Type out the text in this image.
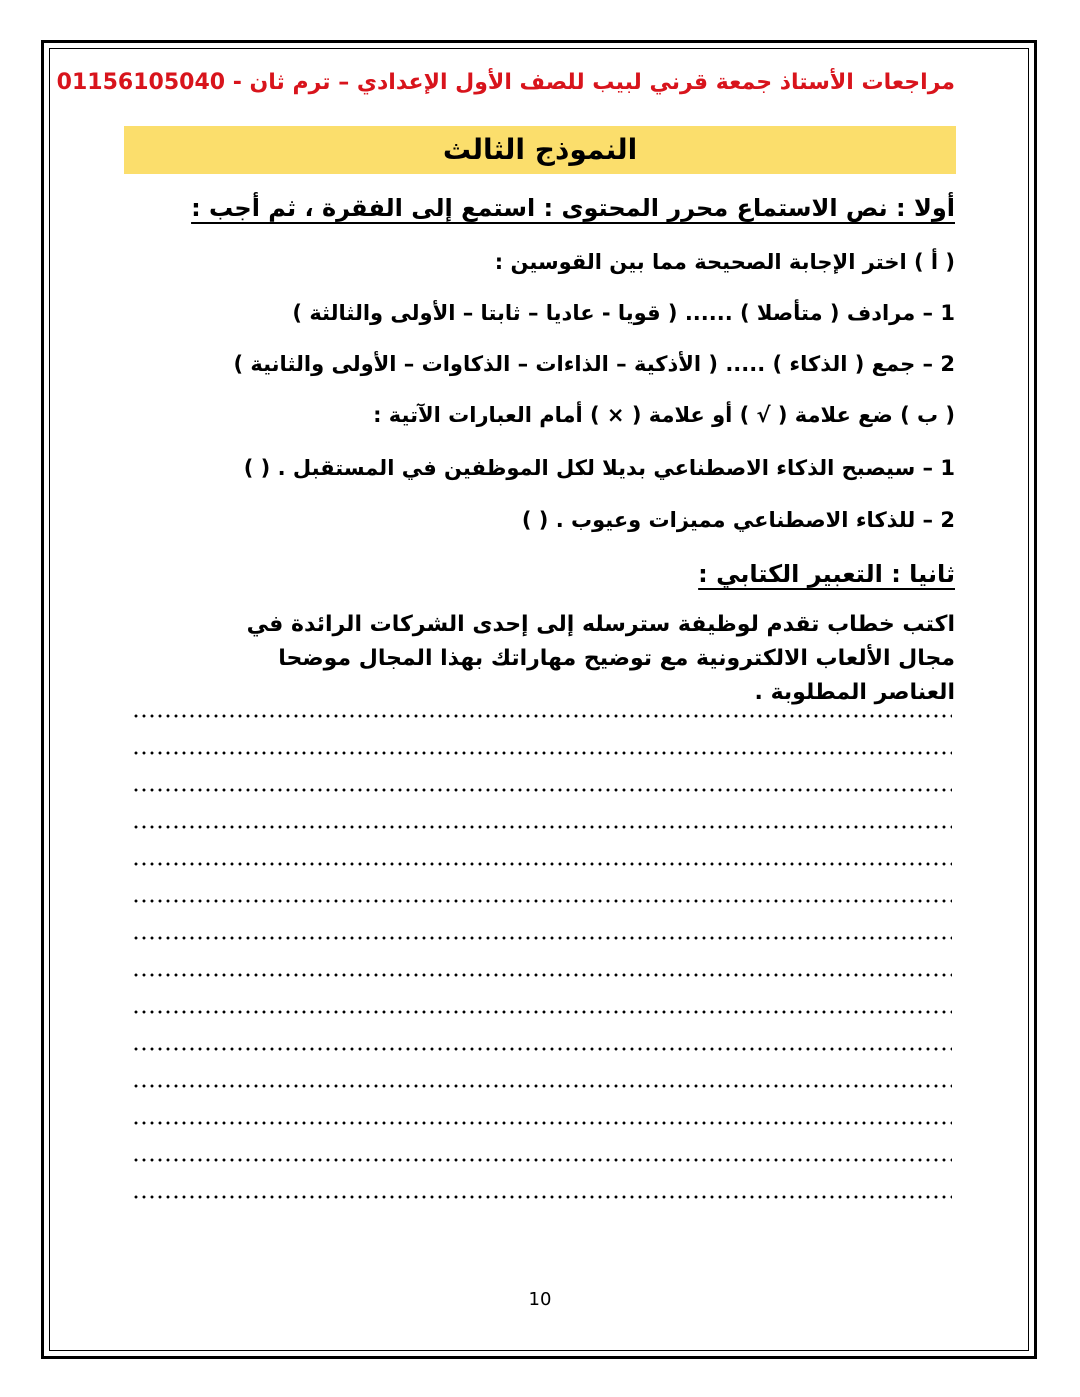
مراجعات الأستاذ جمعة قرني لبيب للصف الأول الإعدادي – ترم ثان - 01156105040
النموذج الثالث
أولا : نص الاستماع محرر المحتوى : استمع إلى الفقرة ، ثم أجب :
( أ ) اختر الإجابة الصحيحة مما بين القوسين :
1 – مرادف ( متأصلا ) ...... ( قويا - عاديا – ثابتا – الأولى والثالثة )
2 – جمع ( الذكاء ) ..... ( الأذكية – الذاءات – الذكاوات – الأولى والثانية )
( ب ) ضع علامة ( √ ) أو علامة ( × ) أمام العبارات الآتية :
1 – سيصبح الذكاء الاصطناعي بديلا لكل الموظفين في المستقبل . ( )
2 – للذكاء الاصطناعي مميزات وعيوب . ( )
ثانيا : التعبير الكتابي :
اكتب خطاب تقدم لوظيفة سترسله إلى إحدى الشركات الرائدة في مجال الألعاب الالكترونية مع توضيح مهاراتك بهذا المجال موضحا العناصر المطلوبة .
10
